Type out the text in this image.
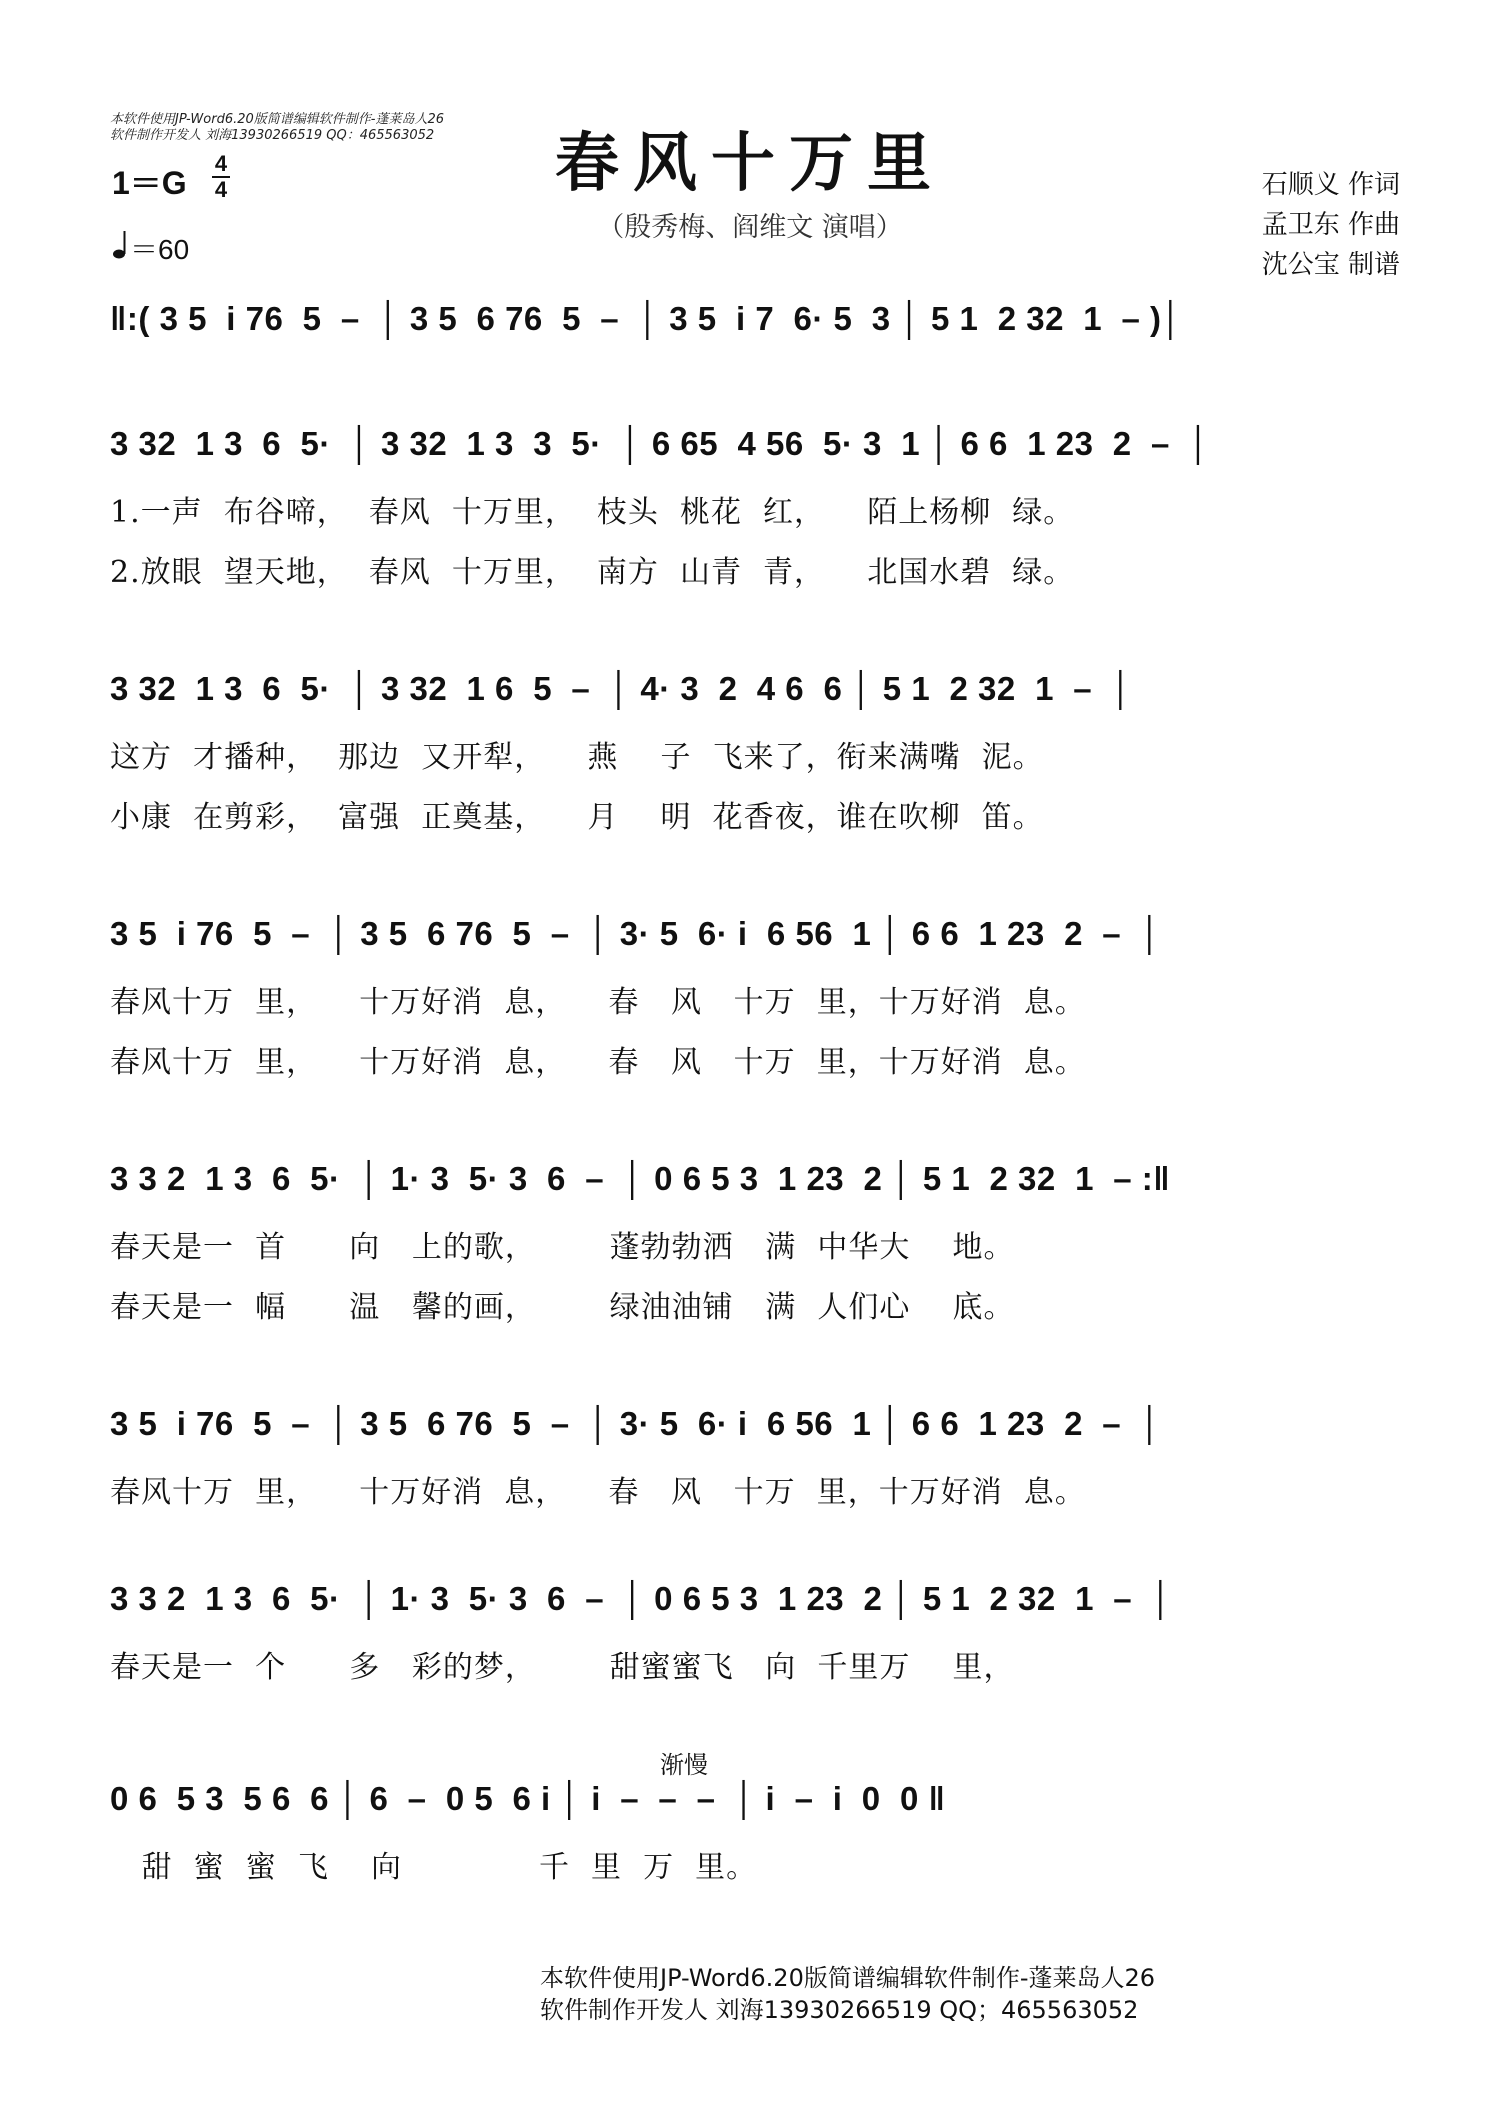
本软件使用JP-Word6.20版简谱编辑软件制作-蓬莱岛人26
软件制作开发人 刘海13930266519 QQ：465563052	春风十万里
（殷秀梅、阎维文 演唱）
石顺义 作词
孟卫东 作曲
沈公宝 制谱
1＝G
4
4
＝60
‖:( 3 5  i 76  5  –  │ 3 5  6 76  5  –  │ 3 5  i 7  6· 5  3 │ 5 1  2 32  1  – )│
3 32  1 3  6  5·  │ 3 32  1 3  3  5·  │ 6 65  4 56  5· 3  1 │ 6 6  1 23  2  –  │
1.一声  布谷啼，  春风  十万里，  枝头  桃花  红，    陌上杨柳  绿。
2.放眼  望天地，  春风  十万里，  南方  山青  青，    北国水碧  绿。
3 32  1 3  6  5·  │ 3 32  1 6  5  –  │ 4· 3  2  4 6  6 │ 5 1  2 32  1  –  │
这方  才播种，  那边  又开犁，    燕    子  飞来了，衔来满嘴  泥。
小康  在剪彩，  富强  正奠基，    月    明  花香夜，谁在吹柳  笛。
3 5  i 76  5  –  │ 3 5  6 76  5  –  │ 3· 5  6· i  6 56  1 │ 6 6  1 23  2  –  │
春风十万  里，    十万好消  息，    春   风   十万  里，十万好消  息。
春风十万  里，    十万好消  息，    春   风   十万  里，十万好消  息。
3 3 2  1 3  6  5·  │ 1· 3  5· 3  6  –  │ 0 6 5 3  1 23  2 │ 5 1  2 32  1  – :‖
春天是一  首      向   上的歌，       蓬勃勃洒   满  中华大    地。
春天是一  幅      温   馨的画，       绿油油铺   满  人们心    底。
3 5  i 76  5  –  │ 3 5  6 76  5  –  │ 3· 5  6· i  6 56  1 │ 6 6  1 23  2  –  │
春风十万  里，    十万好消  息，    春   风   十万  里，十万好消  息。
3 3 2  1 3  6  5·  │ 1· 3  5· 3  6  –  │ 0 6 5 3  1 23  2 │ 5 1  2 32  1  –  │
春天是一  个      多   彩的梦，       甜蜜蜜飞   向  千里万    里，
0 6  5 3  5 6  6 │ 6  –  0 5  6 i │ i  –  –  –  │ i  –  i  0  0 ‖
甜  蜜  蜜  飞    向             千  里  万  里。
渐慢
本软件使用JP-Word6.20版简谱编辑软件制作-蓬莱岛人26
软件制作开发人 刘海13930266519 QQ；465563052
